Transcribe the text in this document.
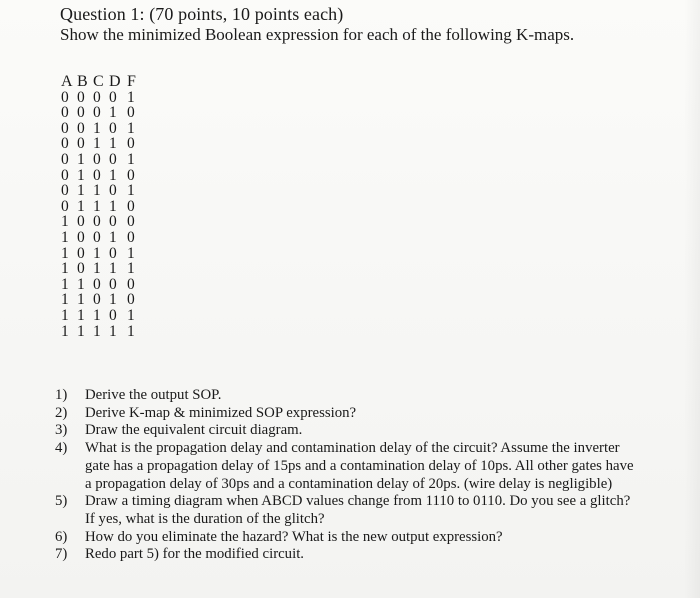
Question 1: (70 points, 10 points each)
Show the minimized Boolean expression for each of the following K-maps.
A B C D F
0 0 0 0 1
0 0 0 1 0
0 0 1 0 1
0 0 1 1 0
0 1 0 0 1
0 1 0 1 0
0 1 1 0 1
0 1 1 1 0
1 0 0 0 0
1 0 0 1 0
1 0 1 0 1
1 0 1 1 1
1 1 0 0 0
1 1 0 1 0
1 1 1 0 1
1 1 1 1 1
1)	Derive the output SOP.
2)	Derive K-map & minimized SOP expression?
3)	Draw the equivalent circuit diagram.
4)	What is the propagation delay and contamination delay of the circuit? Assume the inverter
gate has a propagation delay of 15ps and a contamination delay of 10ps. All other gates have
a propagation delay of 30ps and a contamination delay of 20ps. (wire delay is negligible)
5)	Draw a timing diagram when ABCD values change from 1110 to 0110. Do you see a glitch?
If yes, what is the duration of the glitch?
6)	How do you eliminate the hazard? What is the new output expression?
7)	Redo part 5) for the modified circuit.
